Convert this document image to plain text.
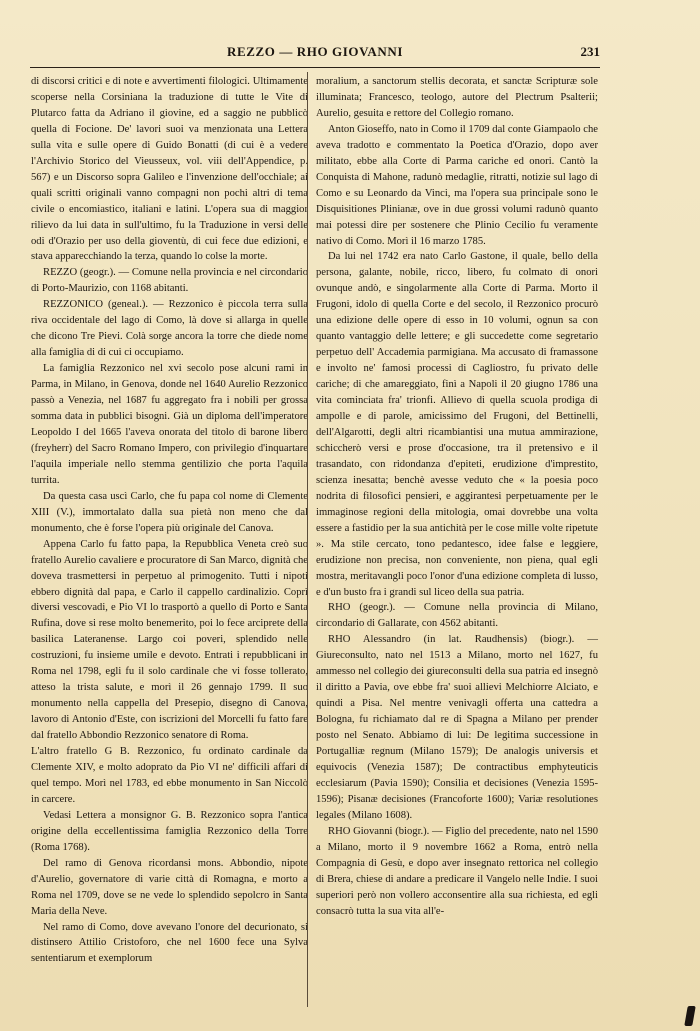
REZZO — RHO GIOVANNI	231

di discorsi critici e di note e avvertimenti filologici. Ultimamente scoperse nella Corsiniana la traduzione di tutte le Vite di Plutarco fatta da Adriano il giovine, ed a saggio ne pubblicò quella di Focione. De' lavori suoi va menzionata una Lettera sulla vita e sulle opere di Guido Bonatti (di cui è a vedere l'Archivio Storico del Vieusseux, vol. viii dell'Appendice, p. 567) e un Discorso sopra Galileo e l'invenzione dell'occhiale; ai quali scritti originali vanno compagni non pochi altri di tema civile o encomiastico, italiani e latini. L'opera sua di maggior rilievo da lui data in sull'ultimo, fu la Traduzione in versi delle odi d'Orazio per uso della gioventù, di cui fece due edizioni, e stava apparecchiando la terza, quando lo colse la morte.

REZZO (geogr.). — Comune nella provincia e nel circondario di Porto-Maurizio, con 1168 abitanti.

REZZONICO (geneal.). — Rezzonico è piccola terra sulla riva occidentale del lago di Como, là dove si allarga in quelle che dicono Tre Pievi. Colà sorge ancora la torre che diede nome alla famiglia di di cui ci occupiamo.

La famiglia Rezzonico nel xvi secolo pose alcuni rami in Parma, in Milano, in Genova, donde nel 1640 Aurelio Rezzonico passò a Venezia, nel 1687 fu aggregato fra i nobili per grossa somma data in pubblici bisogni. Già un diploma dell'imperatore Leopoldo I del 1665 l'aveva onorata del titolo di barone libero (freyherr) del Sacro Romano Impero, con privilegio d'inquartare l'aquila imperiale nello stemma gentilizio che porta l'aquila turrita.

Da questa casa uscì Carlo, che fu papa col nome di Clemente XIII (V.), immortalato dalla sua pietà non meno che dal monumento, che è forse l'opera più originale del Canova.

Appena Carlo fu fatto papa, la Repubblica Veneta creò suo fratello Aurelio cavaliere e procuratore di San Marco, dignità che doveva trasmettersi in perpetuo al primogenito. Tutti i nipoti ebbero dignità dal papa, e Carlo il cappello cardinalizio. Coprì diversi vescovadi, e Pio VI lo trasportò a quello di Porto e Santa Rufina, dove si rese molto benemerito, poi lo fece arciprete della basilica Lateranense. Largo coi poveri, splendido nelle costruzioni, fu insieme umile e devoto. Entrati i repubblicani in Roma nel 1798, egli fu il solo cardinale che vi fosse tollerato, atteso la trista salute, e morì il 26 gennajo 1799. Il suo monumento nella cappella del Presepio, disegno di Canova, lavoro di Antonio d'Este, con iscrizioni del Morcelli fu fatto fare dal fratello Abbondio Rezzonico senatore di Roma.

L'altro fratello G B. Rezzonico, fu ordinato cardinale da Clemente XIV, e molto adoprato da Pio VI ne' difficili affari di quel tempo. Morì nel 1783, ed ebbe monumento in San Niccolò in carcere.

Vedasi Lettera a monsignor G. B. Rezzonico sopra l'antica origine della eccellentissima famiglia Rezzonico della Torre (Roma 1768).

Del ramo di Genova ricordansi mons. Abbondio, nipote d'Aurelio, governatore di varie città di Romagna, e morto a Roma nel 1709, dove se ne vede lo splendido sepolcro in Santa Maria della Neve.

Nel ramo di Como, dove avevano l'onore del decurionato, si distinsero Attilio Cristoforo, che nel 1600 fece una Sylva sententiarum et exemplorum

moralium, a sanctorum stellis decorata, et sanctæ Scripturæ sole illuminata; Francesco, teologo, autore del Plectrum Psalterii; Aurelio, gesuita e rettore del Collegio romano.

Anton Gioseffo, nato in Como il 1709 dal conte Giampaolo che aveva tradotto e commentato la Poetica d'Orazio, dopo aver militato, ebbe alla Corte di Parma cariche ed onori. Cantò la Conquista di Mahone, radunò medaglie, ritratti, notizie sul lago di Como e su Leonardo da Vinci, ma l'opera sua principale sono le Disquisitiones Plinianæ, ove in due grossi volumi radunò quanto mai potessi dire per sostenere che Plinio Cecilio fu veramente nativo di Como. Morì il 16 marzo 1785.

Da lui nel 1742 era nato Carlo Gastone, il quale, bello della persona, galante, nobile, ricco, libero, fu colmato di onori ovunque andò, e singolarmente alla Corte di Parma. Morto il Frugoni, idolo di quella Corte e del secolo, il Rezzonico procurò una edizione delle opere di esso in 10 volumi, ognun sa con quanto vantaggio delle lettere; e gli succedette come segretario perpetuo dell' Accademia parmigiana. Ma accusato di framassone e involto ne' famosi processi di Cagliostro, fu privato delle cariche; di che amareggiato, finì a Napoli il 20 giugno 1786 una vita cominciata fra' trionfi. Allievo di quella scuola prodiga di ampolle e di parole, amicissimo del Frugoni, del Bettinelli, dell'Algarotti, degli altri ricambiantisi una mutua ammirazione, schiccherò versi e prose d'occasione, tra il pretensivo e il trasandato, con ridondanza d'epiteti, erudizione d'imprestito, scienza inesatta; benchè avesse veduto che « la poesia poco nodrita di filosofici pensieri, e aggirantesi perpetuamente per le immaginose regioni della mitologia, omai dovrebbe una volta essere a fastidio per la sua antichità per le cose mille volte ripetute ». Ma stile cercato, tono pedantesco, idee false e leggiere, erudizione non precisa, non conveniente, non piena, qual egli mostra, meritavangli poco l'onor d'una edizione completa di lusso, e d'un busto fra i grandi sul liceo della sua patria.

RHO (geogr.). — Comune nella provincia di Milano, circondario di Gallarate, con 4562 abitanti.

RHO Alessandro (in lat. Raudhensis) (biogr.). — Giureconsulto, nato nel 1513 a Milano, morto nel 1627, fu ammesso nel collegio dei giureconsulti della sua patria ed insegnò il diritto a Pavia, ove ebbe fra' suoi allievi Melchiorre Alciato, e quindi a Pisa. Nel mentre venivagli offerta una cattedra a Bologna, fu richiamato dal re di Spagna a Milano per prender posto nel Senato. Abbiamo di lui: De legitima successione in Portugalliæ regnum (Milano 1579); De analogis universis et equivocis (Venezia 1587); De contractibus emphyteuticis ecclesiarum (Pavia 1590); Consilia et decisiones (Venezia 1595-1596); Pisanæ decisiones (Francoforte 1600); Variæ resolutiones legales (Milano 1608).

RHO Giovanni (biogr.). — Figlio del precedente, nato nel 1590 a Milano, morto il 9 novembre 1662 a Roma, entrò nella Compagnia di Gesù, e dopo aver insegnato rettorica nel collegio di Brera, chiese di andare a predicare il Vangelo nelle Indie. I suoi superiori però non vollero acconsentire alla sua richiesta, ed egli consacrò tutta la sua vita all'e-
